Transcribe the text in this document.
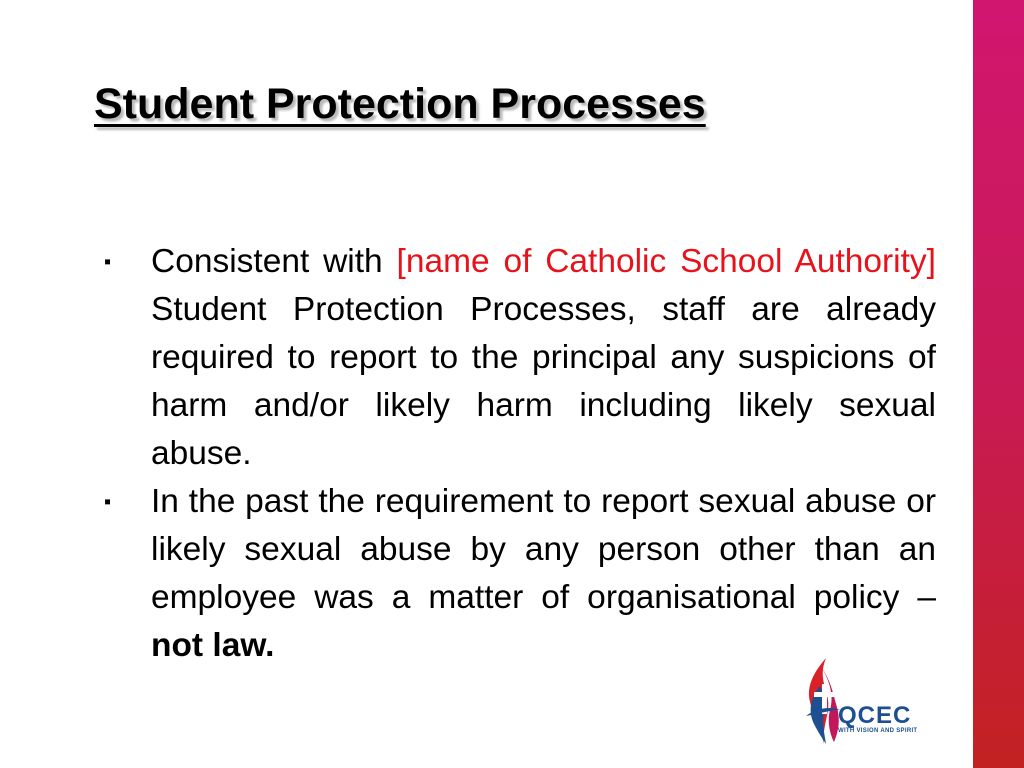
Student Protection Processes
▪ Consistent with [name of Catholic School Authority] Student Protection Processes, staff are already required to report to the principal any suspicions of harm and/or likely harm including likely sexual abuse.
▪ In the past the requirement to report sexual abuse or likely sexual abuse by any person other than an employee was a matter of organisational policy – not law.
QCEC
WITH VISION AND SPIRIT
